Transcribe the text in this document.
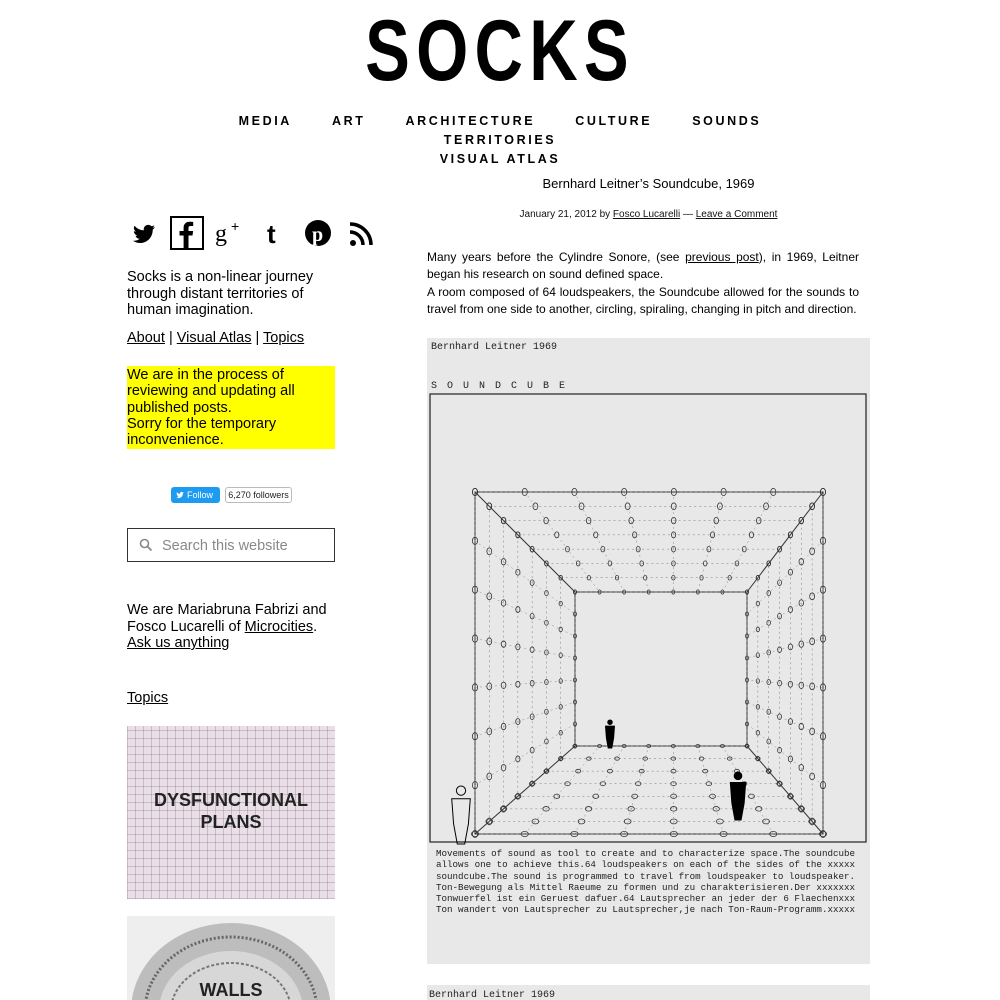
SOCKS
MEDIA	ART	ARCHITECTURE	CULTURE	SOUNDSTERRITORIES
VISUAL ATLAS
g + t p
Socks is a non-linear journey through distant territories of human imagination.
About | Visual Atlas | Topics
We are in the process of reviewing and updating all published posts.
Sorry for the temporary inconvenience.
Follow	6,270 followers
Search this website
We are Mariabruna Fabrizi and Fosco Lucarelli of Microcities.
Ask us anything
Topics
DYSFUNCTIONAL PLANS
WALLS
Bernhard Leitner’s Soundcube, 1969
January 21, 2012 by Fosco Lucarelli — Leave a Comment

Many years before the Cylindre Sonore, (see previous post), in 1969, Leitner began his research on sound defined space.

A room composed of 64 loudspeakers, the Soundcube allowed for the sounds to travel from one side to another, circling, spiraling, changing in pitch and direction.

Bernhard Leitner 1969
S O U N D C U B E
Movements of sound as tool to create and to characterize space.The soundcube
allows one to achieve this.64 loudspeakers on each of the sides of the xxxxx
soundcube.The sound is programmed to travel from loudspeaker to loudspeaker.
Ton-Bewegung als Mittel Raeume zu formen und zu charakterisieren.Der xxxxxxx
Tonwuerfel ist ein Geruest dafuer.64 Lautsprecher an jeder der 6 Flaechenxxx
Ton wandert von Lautsprecher zu Lautsprecher,je nach Ton-Raum-Programm.xxxxx
Bernhard Leitner 1969
